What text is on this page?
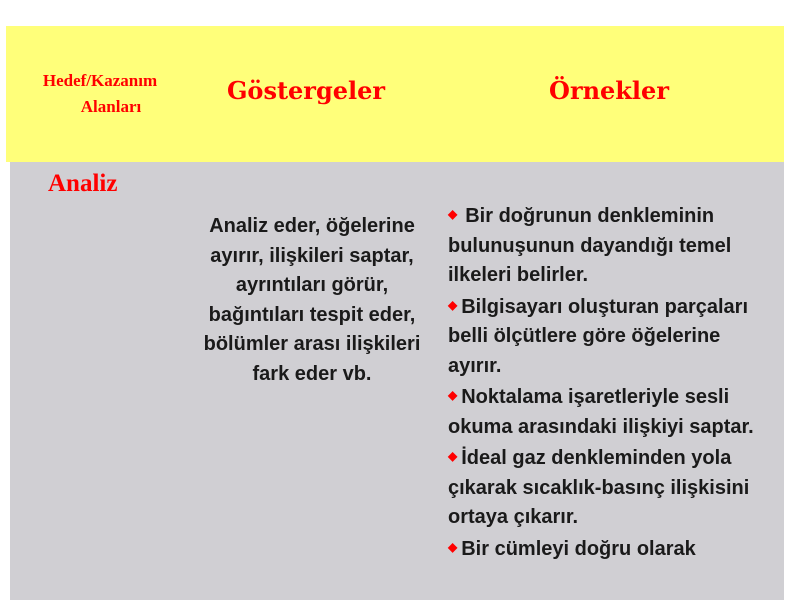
Hedef/Kazanım
Alanları
Göstergeler	Örnekler
Analiz
Analiz eder, öğelerine ayırır, ilişkileri saptar, ayrıntıları görür, bağıntıları tespit eder, bölümler arası ilişkileri fark eder vb.
◆ Bir doğrunun denkleminin bulunuşunun dayandığı temel ilkeleri belirler.
◆ Bilgisayarı oluşturan parçaları belli ölçütlere göre öğelerine ayırır.
◆ Noktalama işaretleriyle sesli okuma arasındaki ilişkiyi saptar.
◆ İdeal gaz denkleminden yola çıkarak sıcaklık-basınç ilişkisini ortaya çıkarır.
◆ Bir cümleyi doğru olarak
